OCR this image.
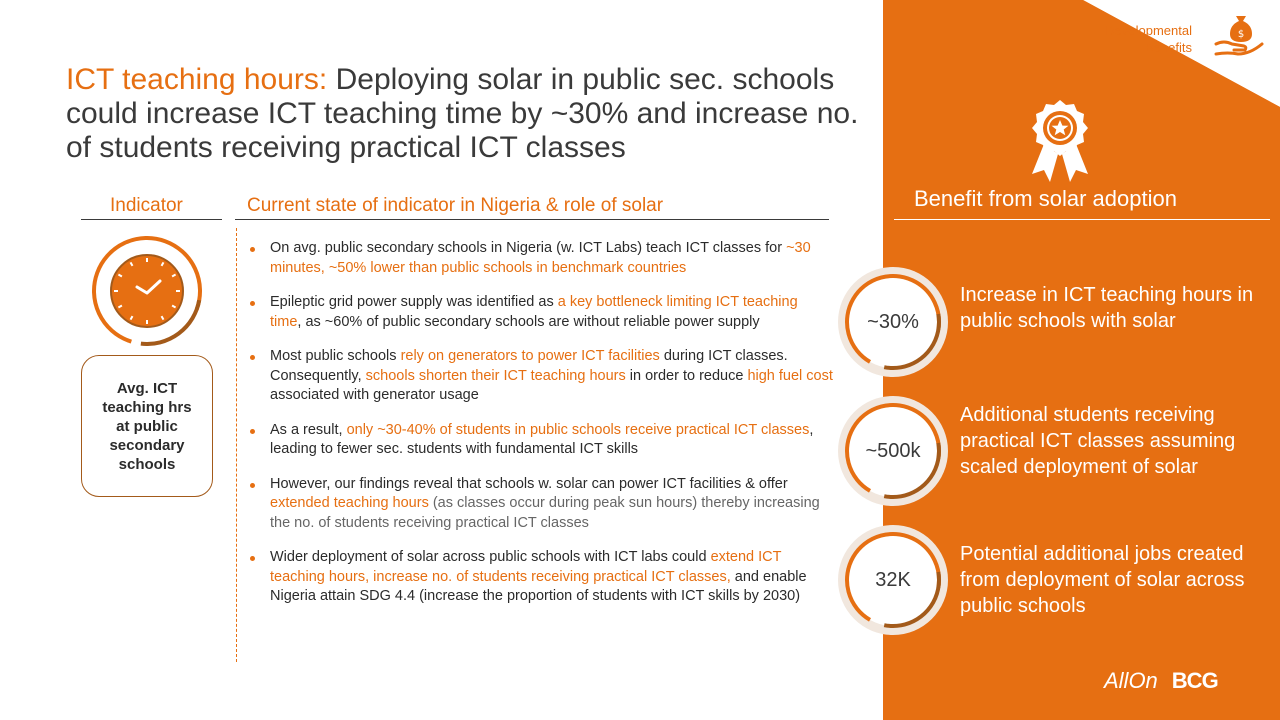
Developmental
Benefits
$
ICT teaching hours: Deploying solar in public sec. schools could increase ICT teaching time by ~30% and increase no. of students receiving practical ICT classes
Indicator	Current state of indicator in Nigeria & role of solar
Avg. ICT teaching hrs at public secondary schools
On avg. public secondary schools in Nigeria (w. ICT Labs) teach ICT classes for ~30 minutes, ~50% lower than public schools in benchmark countries
Epileptic grid power supply was identified as a key bottleneck limiting ICT teaching time, as ~60% of public secondary schools are without reliable power supply
Most public schools rely on generators to power ICT facilities during ICT classes. Consequently, schools shorten their ICT teaching hours in order to reduce high fuel cost associated with generator usage
As a result, only ~30-40% of students in public schools receive practical ICT classes, leading to fewer sec. students with fundamental ICT skills
However, our findings reveal that schools w. solar can power ICT facilities & offer extended teaching hours (as classes occur during peak sun hours) thereby increasing the no. of students receiving practical ICT classes
Wider deployment of solar across public schools with ICT labs could extend ICT teaching hours, increase no. of students receiving practical ICT classes, and enable Nigeria attain SDG 4.4 (increase the proportion of students with ICT skills by 2030)
Benefit from solar adoption
~30%
Increase in ICT teaching hours in public schools with solar
~500k
Additional students receiving practical ICT classes assuming scaled deployment of solar
32K
Potential additional jobs created from deployment of solar across public schools
AllOn BCG
